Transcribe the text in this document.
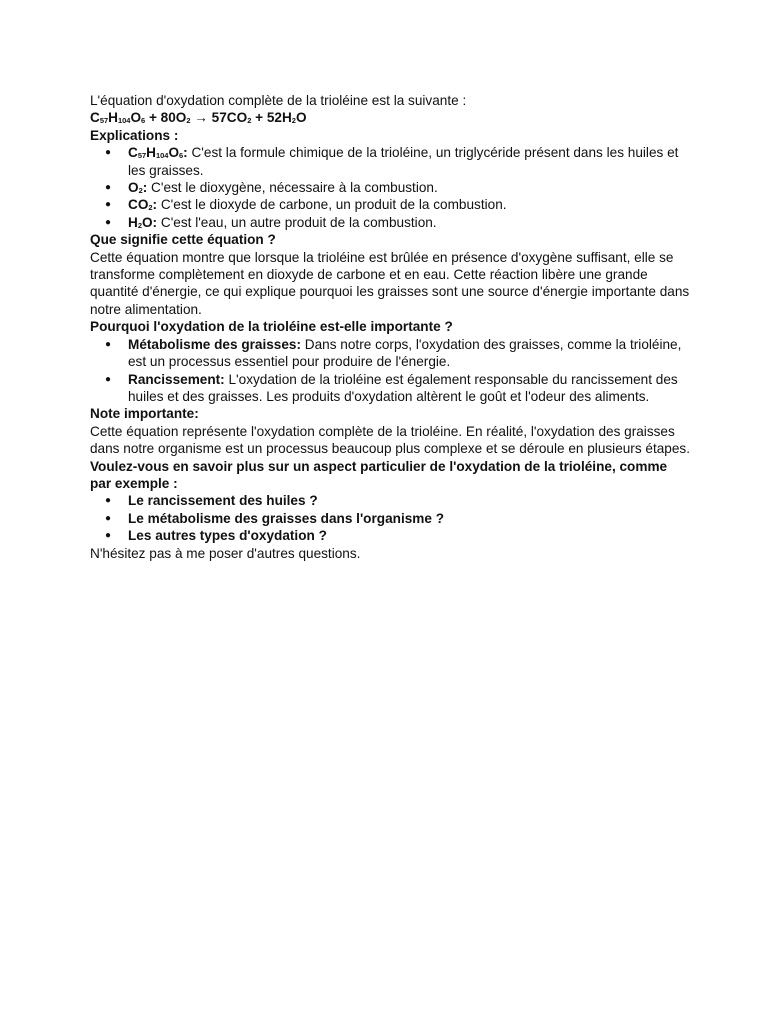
L'équation d'oxydation complète de la trioléine est la suivante :

C57H104O6 + 80O2 → 57CO2 + 52H2O

Explications :

● C57H104O6: C'est la formule chimique de la trioléine, un triglycéride présent dans les huiles et les graisses.
● O2: C'est le dioxygène, nécessaire à la combustion.
● CO2: C'est le dioxyde de carbone, un produit de la combustion.
● H2O: C'est l'eau, un autre produit de la combustion.

Que signifie cette équation ?

Cette équation montre que lorsque la trioléine est brûlée en présence d'oxygène suffisant, elle se transforme complètement en dioxyde de carbone et en eau. Cette réaction libère une grande quantité d'énergie, ce qui explique pourquoi les graisses sont une source d'énergie importante dans notre alimentation.

Pourquoi l'oxydation de la trioléine est-elle importante ?

● Métabolisme des graisses: Dans notre corps, l'oxydation des graisses, comme la trioléine, est un processus essentiel pour produire de l'énergie.
● Rancissement: L'oxydation de la trioléine est également responsable du rancissement des huiles et des graisses. Les produits d'oxydation altèrent le goût et l'odeur des aliments.

Note importante:

Cette équation représente l'oxydation complète de la trioléine. En réalité, l'oxydation des graisses dans notre organisme est un processus beaucoup plus complexe et se déroule en plusieurs étapes.

Voulez-vous en savoir plus sur un aspect particulier de l'oxydation de la trioléine, comme par exemple :

● Le rancissement des huiles ?
● Le métabolisme des graisses dans l'organisme ?
● Les autres types d'oxydation ?

N'hésitez pas à me poser d'autres questions.
